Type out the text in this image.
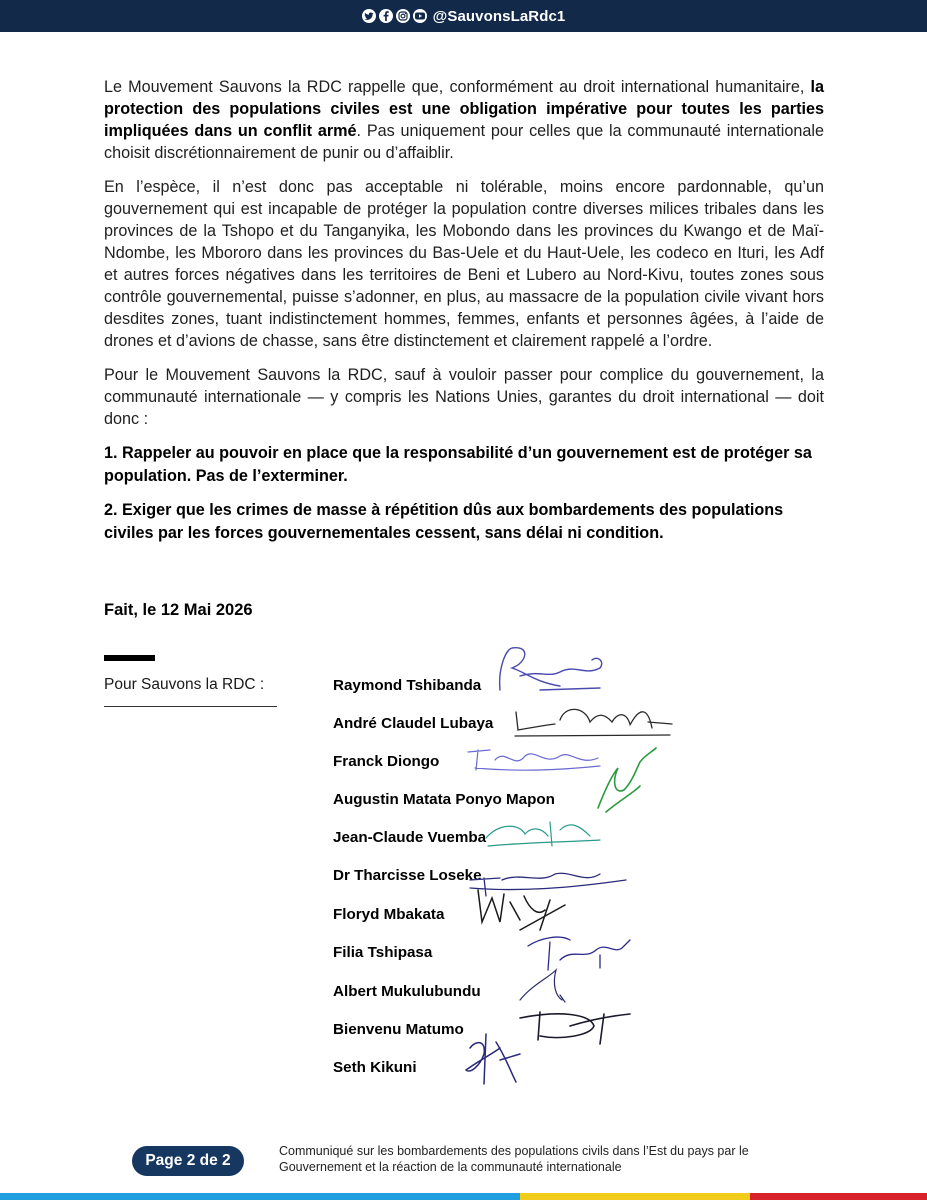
@SauvonsLaRdc1

Le Mouvement Sauvons la RDC rappelle que, conformément au droit international humanitaire, la protection des populations civiles est une obligation impérative pour toutes les parties impliquées dans un conflit armé. Pas uniquement pour celles que la communauté internationale choisit discrétionnairement de punir ou d’affaiblir.

En l’espèce, il n’est donc pas acceptable ni tolérable, moins encore pardonnable, qu’un gouvernement qui est incapable de protéger la population contre diverses milices tribales dans les provinces de la Tshopo et du Tanganyika, les Mobondo dans les provinces du Kwango et de Maï-Ndombe, les Mbororo dans les provinces du Bas-Uele et du Haut-Uele, les codeco en Ituri, les Adf et autres forces négatives dans les territoires de Beni et Lubero au Nord-Kivu, toutes zones sous contrôle gouvernemental, puisse s’adonner, en plus, au massacre de la population civile vivant hors desdites zones, tuant indistinctement hommes, femmes, enfants et personnes âgées, à l’aide de drones et d’avions de chasse, sans être distinctement et clairement rappelé a l’ordre.

Pour le Mouvement Sauvons la RDC, sauf à vouloir passer pour complice du gouvernement, la communauté internationale — y compris les Nations Unies, garantes du droit international — doit donc :

1. Rappeler au pouvoir en place que la responsabilité d’un gouvernement est de protéger sa population. Pas de l’exterminer.

2. Exiger que les crimes de masse à répétition dûs aux bombardements des populations civiles par les forces gouvernementales cessent, sans délai ni condition.

Fait, le 12 Mai 2026
Pour Sauvons la RDC :	Raymond Tshibanda
André Claudel Lubaya
Franck Diongo
Augustin Matata Ponyo Mapon
Jean-Claude Vuemba
Dr Tharcisse Loseke
Floryd Mbakata
Filia Tshipasa
Albert Mukulubundu
Bienvenu Matumo
Seth Kikuni
Page 2 de 2
Communiqué sur les bombardements des populations civils dans l’Est du pays par le
Gouvernement et la réaction de la communauté internationale
